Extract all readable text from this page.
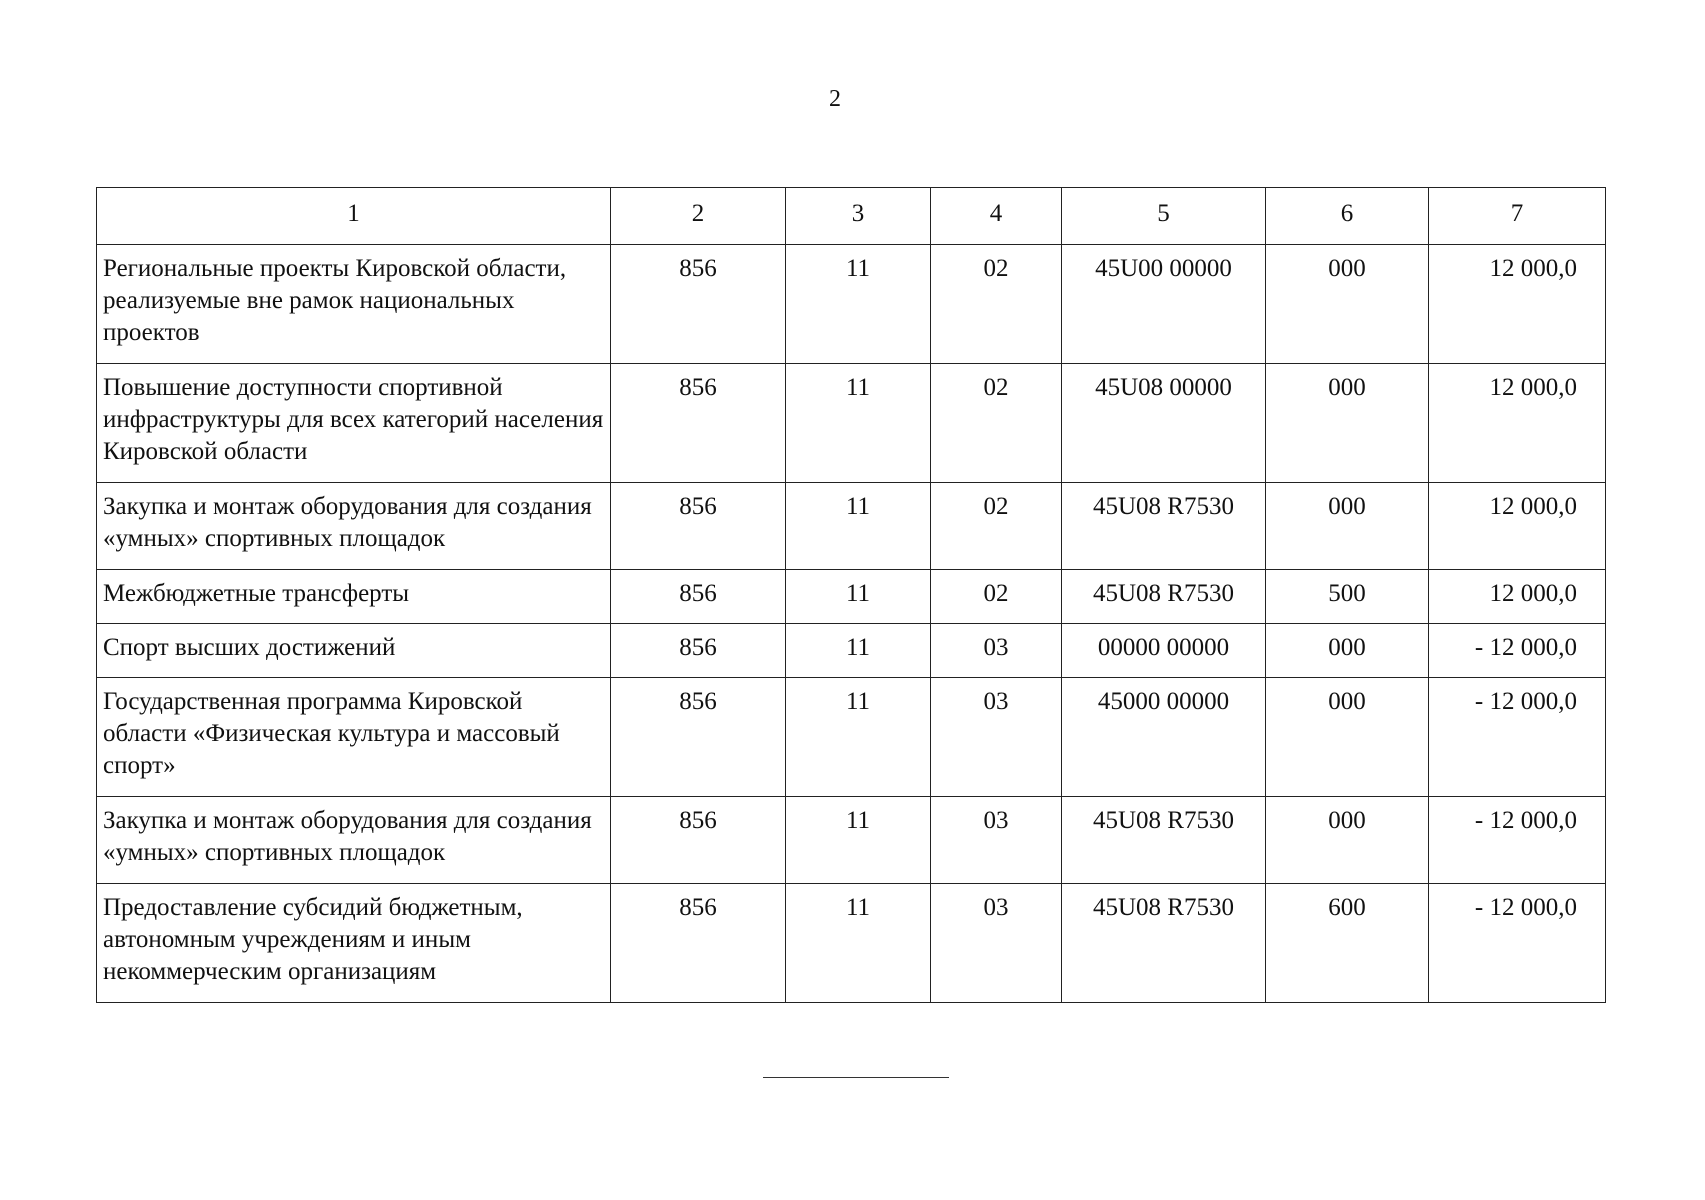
2
1	2	3	4	5	6	7
Региональные проекты Кировской области, реализуемые вне рамок национальных проектов	856	11	02	45U00 00000	000	12 000,0
Повышение доступности спортивной инфраструктуры для всех категорий населения Кировской области	856	11	02	45U08 00000	000	12 000,0
Закупка и монтаж оборудования для создания «умных» спортивных площадок	856	11	02	45U08 R7530	000	12 000,0
Межбюджетные трансферты	856	11	02	45U08 R7530	500	12 000,0
Спорт высших достижений	856	11	03	00000 00000	000	- 12 000,0
Государственная программа Кировской области «Физическая культура и массовый спорт»	856	11	03	45000 00000	000	- 12 000,0
Закупка и монтаж оборудования для создания «умных» спортивных площадок	856	11	03	45U08 R7530	000	- 12 000,0
Предоставление субсидий бюджетным, автономным учреждениям и иным некоммерческим организациям	856	11	03	45U08 R7530	600	- 12 000,0
